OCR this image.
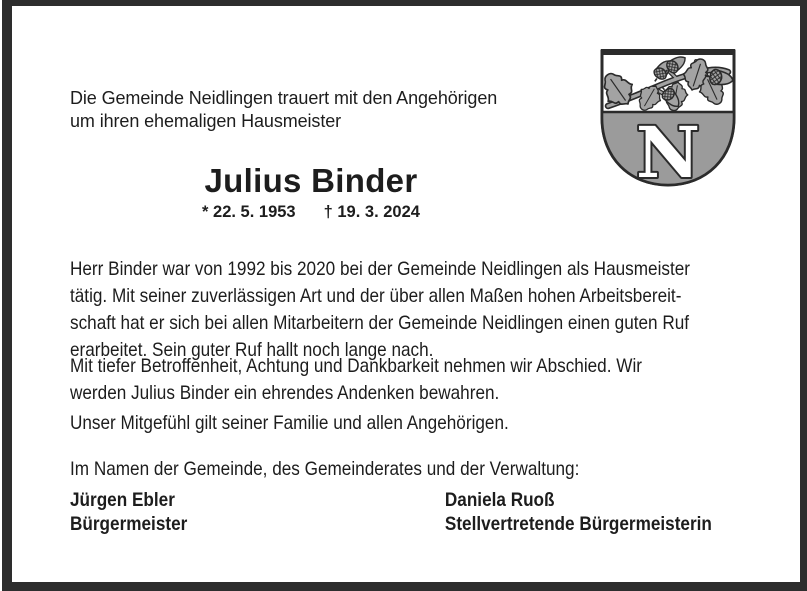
Die Gemeinde Neidlingen trauert mit den Angehörigen
um ihren ehemaligen Hausmeister
Julius Binder
* 22. 5. 1953 † 19. 3. 2024
Herr Binder war von 1992 bis 2020 bei der Gemeinde Neidlingen als Hausmeister
tätig. Mit seiner zuverlässigen Art und der über allen Maßen hohen Arbeitsbereit-
schaft hat er sich bei allen Mitarbeitern der Gemeinde Neidlingen einen guten Ruf
erarbeitet. Sein guter Ruf hallt noch lange nach.
Mit tiefer Betroffenheit, Achtung und Dankbarkeit nehmen wir Abschied. Wir
werden Julius Binder ein ehrendes Andenken bewahren.
Unser Mitgefühl gilt seiner Familie und allen Angehörigen.
Im Namen der Gemeinde, des Gemeinderates und der Verwaltung:
Jürgen Ebler
Bürgermeister
Daniela Ruoß
Stellvertretende Bürgermeisterin
N
